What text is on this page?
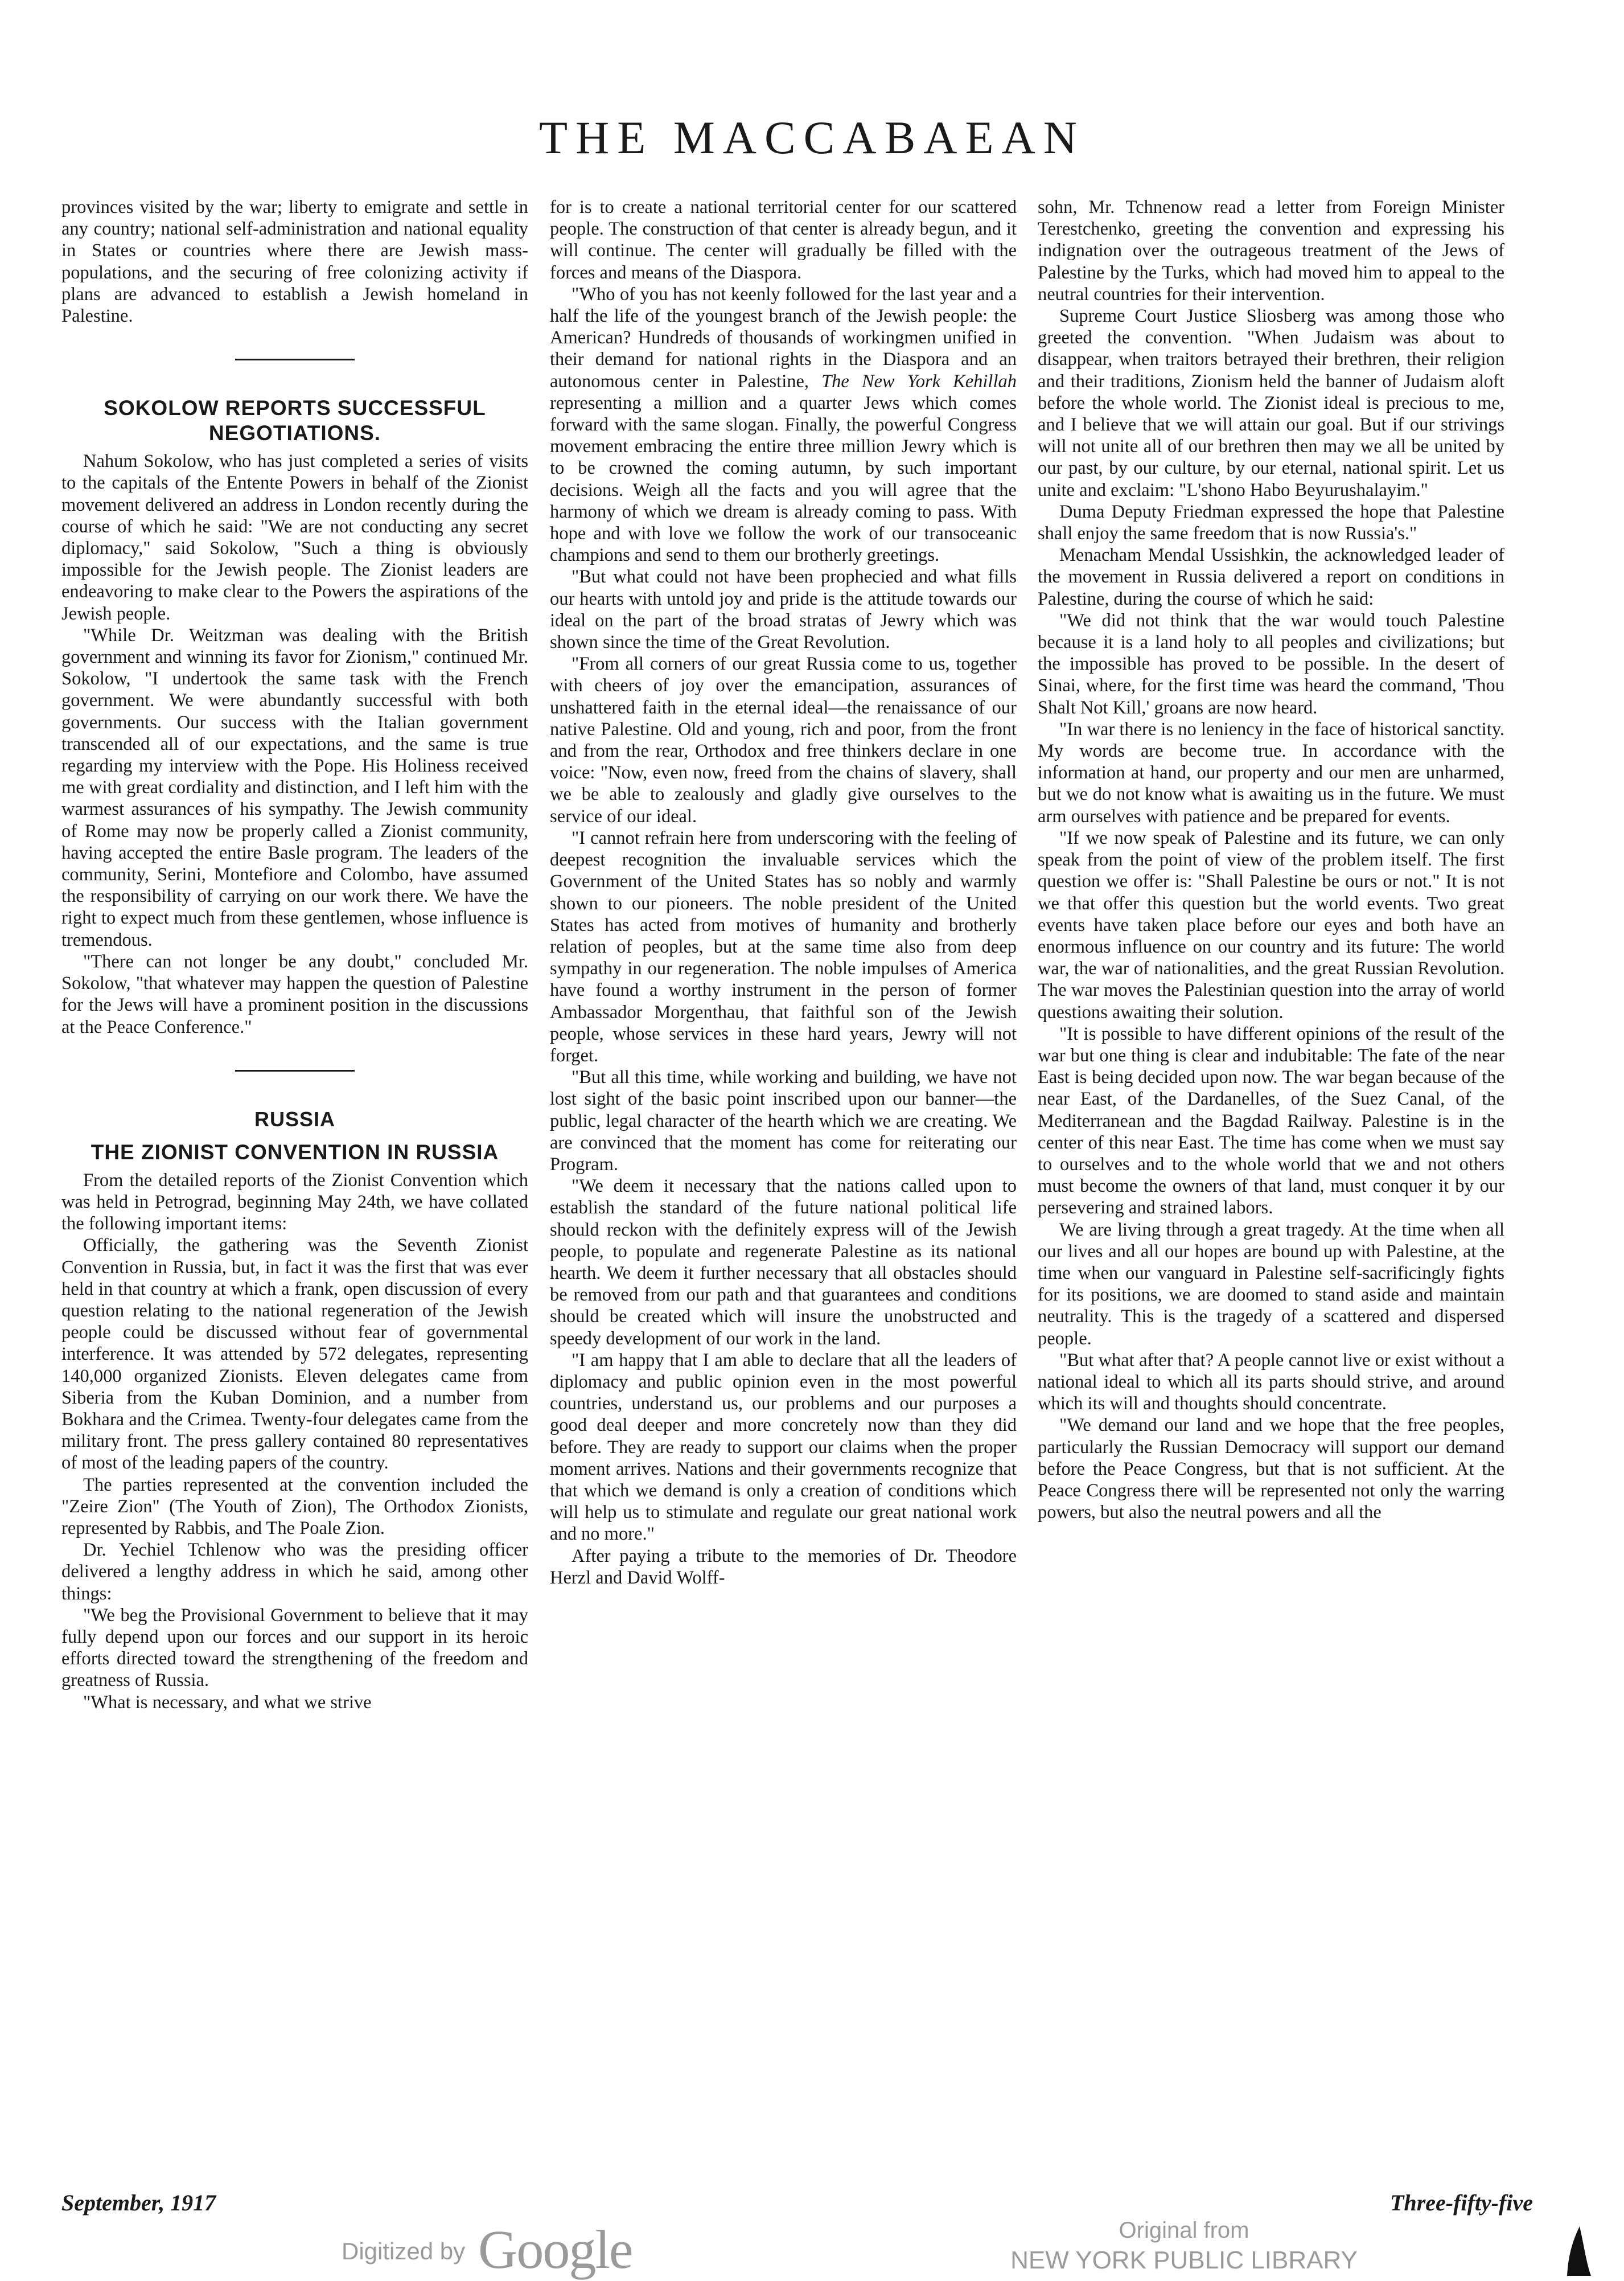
THE MACCABAEAN

provinces visited by the war; liberty to emigrate and settle in any country; national self-administration and national equality in States or countries where there are Jewish mass-populations, and the securing of free colonizing activity if plans are advanced to establish a Jewish homeland in Palestine.

SOKOLOW REPORTS SUCCESSFUL NEGOTIATIONS.

Nahum Sokolow, who has just completed a series of visits to the capitals of the Entente Powers in behalf of the Zionist movement delivered an address in London recently during the course of which he said: "We are not conducting any secret diplomacy," said Sokolow, "Such a thing is obviously impossible for the Jewish people. The Zionist leaders are endeavoring to make clear to the Powers the aspirations of the Jewish people.

"While Dr. Weitzman was dealing with the British government and winning its favor for Zionism," continued Mr. Sokolow, "I undertook the same task with the French government. We were abundantly successful with both governments. Our success with the Italian government transcended all of our expectations, and the same is true regarding my interview with the Pope. His Holiness received me with great cordiality and distinction, and I left him with the warmest assurances of his sympathy. The Jewish community of Rome may now be properly called a Zionist community, having accepted the entire Basle program. The leaders of the community, Serini, Montefiore and Colombo, have assumed the responsibility of carrying on our work there. We have the right to expect much from these gentlemen, whose influence is tremendous.

"There can not longer be any doubt," concluded Mr. Sokolow, "that whatever may happen the question of Palestine for the Jews will have a prominent position in the discussions at the Peace Conference."

RUSSIA
THE ZIONIST CONVENTION IN RUSSIA

From the detailed reports of the Zionist Convention which was held in Petrograd, beginning May 24th, we have collated the following important items:

Officially, the gathering was the Seventh Zionist Convention in Russia, but, in fact it was the first that was ever held in that country at which a frank, open discussion of every question relating to the national regeneration of the Jewish people could be discussed without fear of governmental interference. It was attended by 572 delegates, representing 140,000 organized Zionists. Eleven delegates came from Siberia from the Kuban Dominion, and a number from Bokhara and the Crimea. Twenty-four delegates came from the military front. The press gallery contained 80 representatives of most of the leading papers of the country.

The parties represented at the convention included the "Zeire Zion" (The Youth of Zion), The Orthodox Zionists, represented by Rabbis, and The Poale Zion.

Dr. Yechiel Tchlenow who was the presiding officer delivered a lengthy address in which he said, among other things:

"We beg the Provisional Government to believe that it may fully depend upon our forces and our support in its heroic efforts directed toward the strengthening of the freedom and greatness of Russia.

"What is necessary, and what we strive

for is to create a national territorial center for our scattered people. The construction of that center is already begun, and it will continue. The center will gradually be filled with the forces and means of the Diaspora.

"Who of you has not keenly followed for the last year and a half the life of the youngest branch of the Jewish people: the American? Hundreds of thousands of workingmen unified in their demand for national rights in the Diaspora and an autonomous center in Palestine, The New York Kehillah representing a million and a quarter Jews which comes forward with the same slogan. Finally, the powerful Congress movement embracing the entire three million Jewry which is to be crowned the coming autumn, by such important decisions. Weigh all the facts and you will agree that the harmony of which we dream is already coming to pass. With hope and with love we follow the work of our transoceanic champions and send to them our brotherly greetings.

"But what could not have been prophecied and what fills our hearts with untold joy and pride is the attitude towards our ideal on the part of the broad stratas of Jewry which was shown since the time of the Great Revolution.

"From all corners of our great Russia come to us, together with cheers of joy over the emancipation, assurances of unshattered faith in the eternal ideal—the renaissance of our native Palestine. Old and young, rich and poor, from the front and from the rear, Orthodox and free thinkers declare in one voice: "Now, even now, freed from the chains of slavery, shall we be able to zealously and gladly give ourselves to the service of our ideal.

"I cannot refrain here from underscoring with the feeling of deepest recognition the invaluable services which the Government of the United States has so nobly and warmly shown to our pioneers. The noble president of the United States has acted from motives of humanity and brotherly relation of peoples, but at the same time also from deep sympathy in our regeneration. The noble impulses of America have found a worthy instrument in the person of former Ambassador Morgenthau, that faithful son of the Jewish people, whose services in these hard years, Jewry will not forget.

"But all this time, while working and building, we have not lost sight of the basic point inscribed upon our banner—the public, legal character of the hearth which we are creating. We are convinced that the moment has come for reiterating our Program.

"We deem it necessary that the nations called upon to establish the standard of the future national political life should reckon with the definitely express will of the Jewish people, to populate and regenerate Palestine as its national hearth. We deem it further necessary that all obstacles should be removed from our path and that guarantees and conditions should be created which will insure the unobstructed and speedy development of our work in the land.

"I am happy that I am able to declare that all the leaders of diplomacy and public opinion even in the most powerful countries, understand us, our problems and our purposes a good deal deeper and more concretely now than they did before. They are ready to support our claims when the proper moment arrives. Nations and their governments recognize that that which we demand is only a creation of conditions which will help us to stimulate and regulate our great national work and no more."

After paying a tribute to the memories of Dr. Theodore Herzl and David Wolff-

sohn, Mr. Tchnenow read a letter from Foreign Minister Terestchenko, greeting the convention and expressing his indignation over the outrageous treatment of the Jews of Palestine by the Turks, which had moved him to appeal to the neutral countries for their intervention.

Supreme Court Justice Sliosberg was among those who greeted the convention. "When Judaism was about to disappear, when traitors betrayed their brethren, their religion and their traditions, Zionism held the banner of Judaism aloft before the whole world. The Zionist ideal is precious to me, and I believe that we will attain our goal. But if our strivings will not unite all of our brethren then may we all be united by our past, by our culture, by our eternal, national spirit. Let us unite and exclaim: "L'shono Habo Beyurushalayim."

Duma Deputy Friedman expressed the hope that Palestine shall enjoy the same freedom that is now Russia's."

Menacham Mendal Ussishkin, the acknowledged leader of the movement in Russia delivered a report on conditions in Palestine, during the course of which he said:

"We did not think that the war would touch Palestine because it is a land holy to all peoples and civilizations; but the impossible has proved to be possible. In the desert of Sinai, where, for the first time was heard the command, 'Thou Shalt Not Kill,' groans are now heard.

"In war there is no leniency in the face of historical sanctity. My words are become true. In accordance with the information at hand, our property and our men are unharmed, but we do not know what is awaiting us in the future. We must arm ourselves with patience and be prepared for events.

"If we now speak of Palestine and its future, we can only speak from the point of view of the problem itself. The first question we offer is: "Shall Palestine be ours or not." It is not we that offer this question but the world events. Two great events have taken place before our eyes and both have an enormous influence on our country and its future: The world war, the war of nationalities, and the great Russian Revolution. The war moves the Palestinian question into the array of world questions awaiting their solution.

"It is possible to have different opinions of the result of the war but one thing is clear and indubitable: The fate of the near East is being decided upon now. The war began because of the near East, of the Dardanelles, of the Suez Canal, of the Mediterranean and the Bagdad Railway. Palestine is in the center of this near East. The time has come when we must say to ourselves and to the whole world that we and not others must become the owners of that land, must conquer it by our persevering and strained labors.

We are living through a great tragedy. At the time when all our lives and all our hopes are bound up with Palestine, at the time when our vanguard in Palestine self-sacrificingly fights for its positions, we are doomed to stand aside and maintain neutrality. This is the tragedy of a scattered and dispersed people.

"But what after that? A people cannot live or exist without a national ideal to which all its parts should strive, and around which its will and thoughts should concentrate.

"We demand our land and we hope that the free peoples, particularly the Russian Democracy will support our demand before the Peace Congress, but that is not sufficient. At the Peace Congress there will be represented not only the warring powers, but also the neutral powers and all the

September, 1917	Three-fifty-five
Digitized by Google	Original from
NEW YORK PUBLIC LIBRARY
